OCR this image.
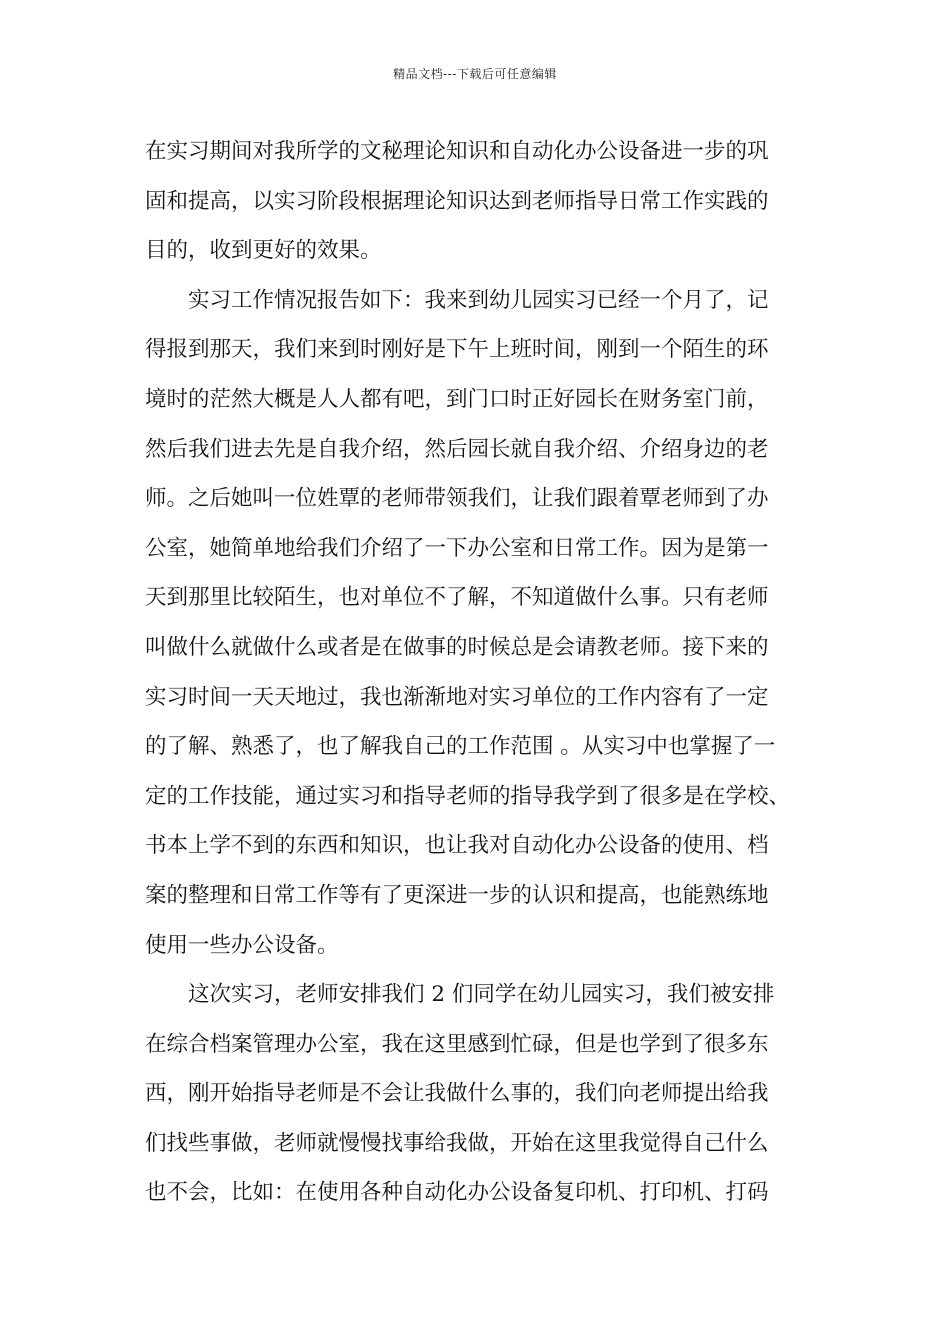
精品文档---下载后可任意编辑
在实习期间对我所学的文秘理论知识和自动化办公设备进一步的巩
固和提高，以实习阶段根据理论知识达到老师指导日常工作实践的
目的，收到更好的效果。
实习工作情况报告如下：我来到幼儿园实习已经一个月了，记
得报到那天，我们来到时刚好是下午上班时间，刚到一个陌生的环
境时的茫然大概是人人都有吧，到门口时正好园长在财务室门前，
然后我们进去先是自我介绍，然后园长就自我介绍、介绍身边的老
师。之后她叫一位姓覃的老师带领我们，让我们跟着覃老师到了办
公室，她简单地给我们介绍了一下办公室和日常工作。因为是第一
天到那里比较陌生，也对单位不了解，不知道做什么事。只有老师
叫做什么就做什么或者是在做事的时候总是会请教老师。接下来的
实习时间一天天地过，我也渐渐地对实习单位的工作内容有了一定
的了解、熟悉了，也了解我自己的工作范围 。从实习中也掌握了一
定的工作技能，通过实习和指导老师的指导我学到了很多是在学校、
书本上学不到的东西和知识，也让我对自动化办公设备的使用、档
案的整理和日常工作等有了更深进一步的认识和提高，也能熟练地
使用一些办公设备。
这次实习，老师安排我们 2 们同学在幼儿园实习，我们被安排
在综合档案管理办公室，我在这里感到忙碌，但是也学到了很多东
西，刚开始指导老师是不会让我做什么事的，我们向老师提出给我
们找些事做，老师就慢慢找事给我做，开始在这里我觉得自己什么
也不会，比如：在使用各种自动化办公设备复印机、打印机、打码
